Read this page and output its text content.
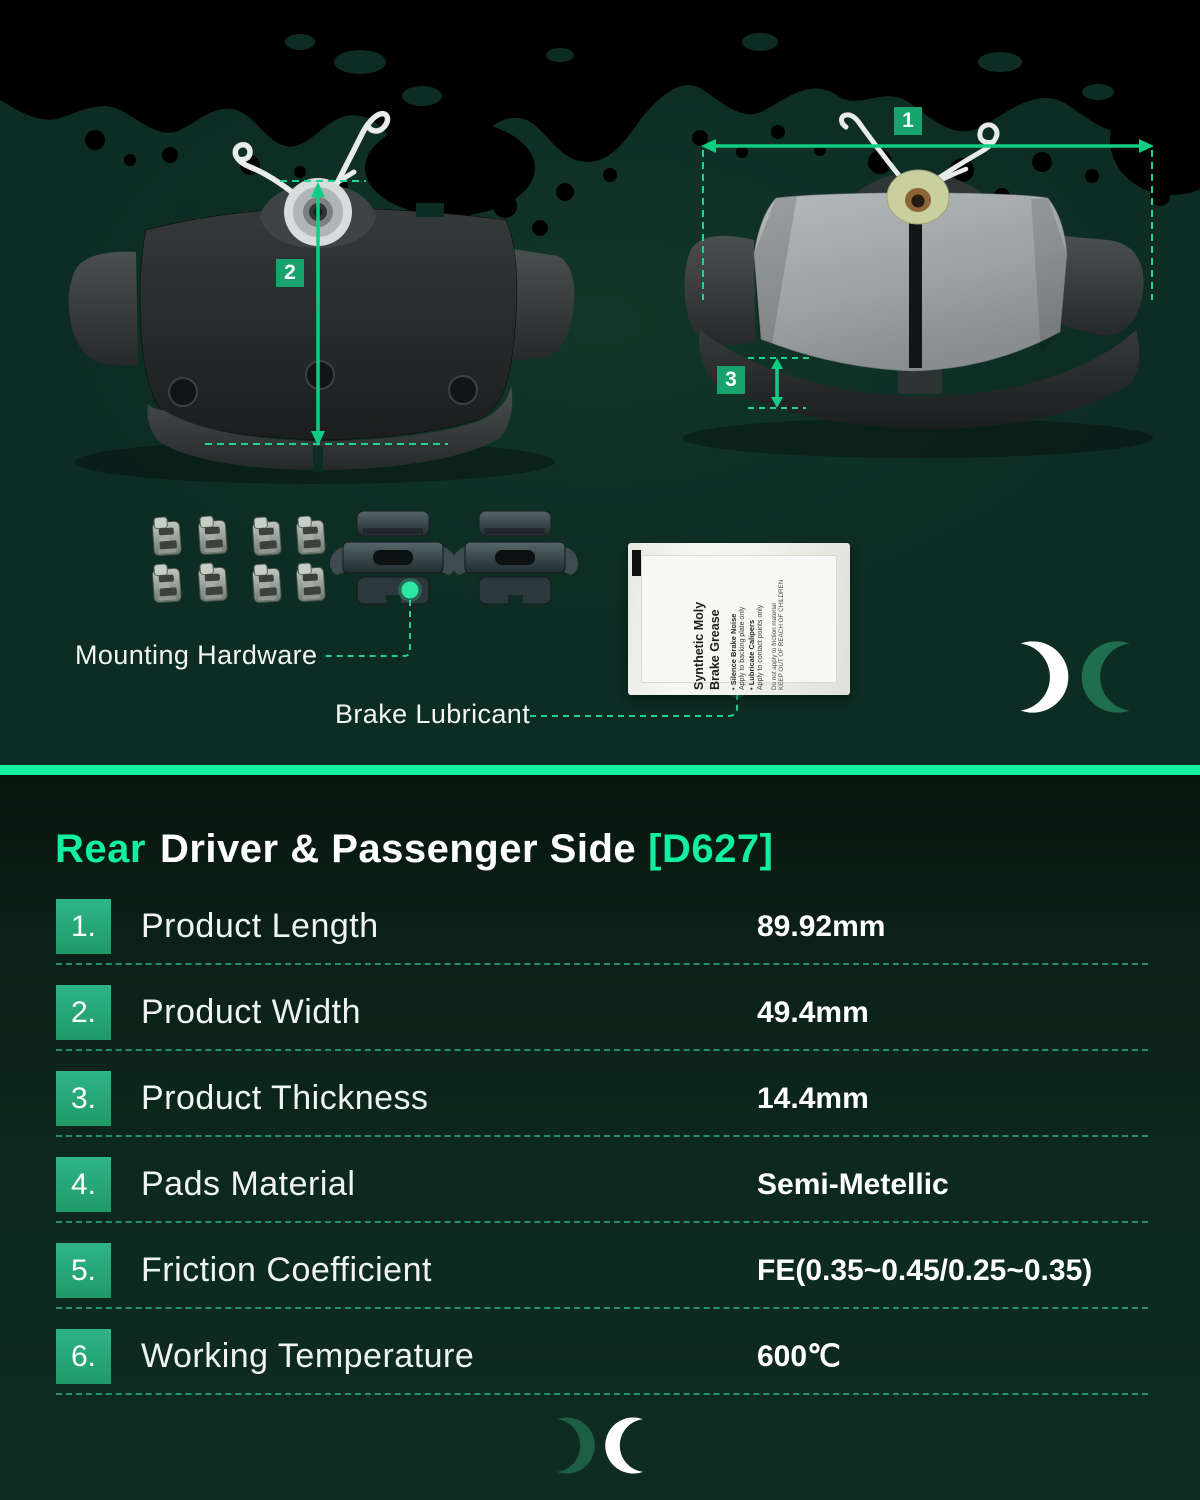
1
2
3
Mounting Hardware
Brake Lubricant
Synthetic Moly Brake Grease • Silence Brake Noise Apply to backing plate only • Lubricate Calipers Apply to contact points only Do not apply to friction material KEEP OUT OF REACH OF CHILDREN
Rear Driver & Passenger Side [D627]
1.	Product Length	89.92mm
2.	Product Width	49.4mm
3.	Product Thickness	14.4mm
4.	Pads Material	Semi-Metellic
5.	Friction Coefficient	FE(0.35~0.45/0.25~0.35)
6.	Working Temperature	600℃
